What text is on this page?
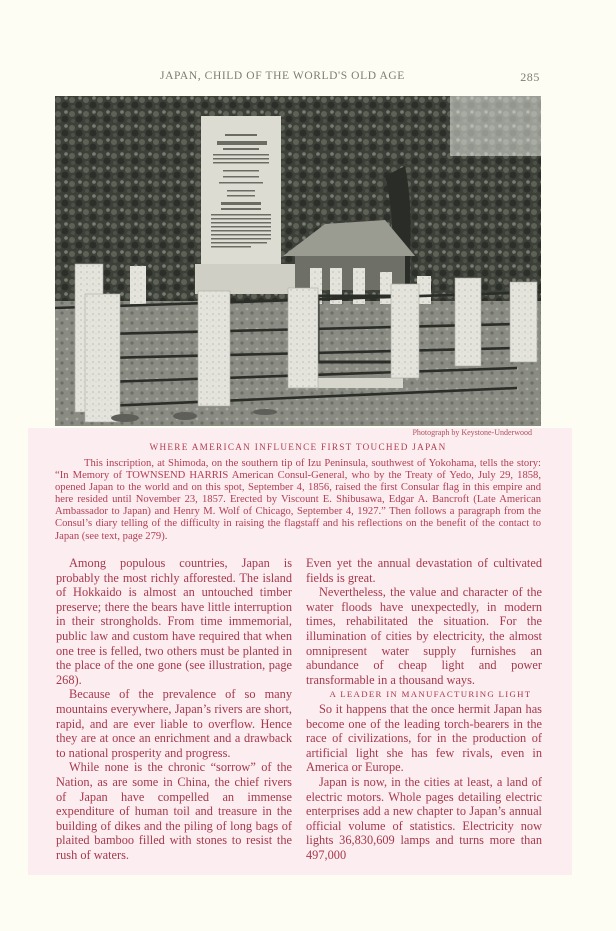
JAPAN, CHILD OF THE WORLD'S OLD AGE	285
Photograph by Keystone-Underwood
WHERE AMERICAN INFLUENCE FIRST TOUCHED JAPAN
This inscription, at Shimoda, on the southern tip of Izu Peninsula, southwest of Yokohama, tells the story: “In Memory of TOWNSEND HARRIS American Consul-General, who by the Treaty of Yedo, July 29, 1858, opened Japan to the world and on this spot, September 4, 1856, raised the first Consular flag in this empire and here resided until November 23, 1857. Erected by Viscount E. Shibusawa, Edgar A. Bancroft (Late American Ambassador to Japan) and Henry M. Wolf of Chicago, September 4, 1927.” Then follows a paragraph from the Consul’s diary telling of the difficulty in raising the flagstaff and his reflections on the benefit of the contact to Japan (see text, page 279).

Among populous countries, Japan is probably the most richly afforested. The island of Hokkaido is almost an untouched timber preserve; there the bears have little interruption in their strongholds. From time immemorial, public law and custom have required that when one tree is felled, two others must be planted in the place of the one gone (see illustration, page 268).

Because of the prevalence of so many mountains everywhere, Japan’s rivers are short, rapid, and are ever liable to overflow. Hence they are at once an enrichment and a drawback to national prosperity and progress.

While none is the chronic “sorrow” of the Nation, as are some in China, the chief rivers of Japan have compelled an immense expenditure of human toil and treasure in the building of dikes and the piling of long bags of plaited bamboo filled with stones to resist the rush of waters.

Even yet the annual devastation of cultivated fields is great.

Nevertheless, the value and character of the water floods have unexpectedly, in modern times, rehabilitated the situation. For the illumination of cities by electricity, the almost omnipresent water supply furnishes an abundance of cheap light and power transformable in a thousand ways.

A LEADER IN MANUFACTURING LIGHT

So it happens that the once hermit Japan has become one of the leading torch-bearers in the race of civilizations, for in the production of artificial light she has few rivals, even in America or Europe.

Japan is now, in the cities at least, a land of electric motors. Whole pages detailing electric enterprises add a new chapter to Japan’s annual official volume of statistics. Electricity now lights 36,830,609 lamps and turns more than 497,000
